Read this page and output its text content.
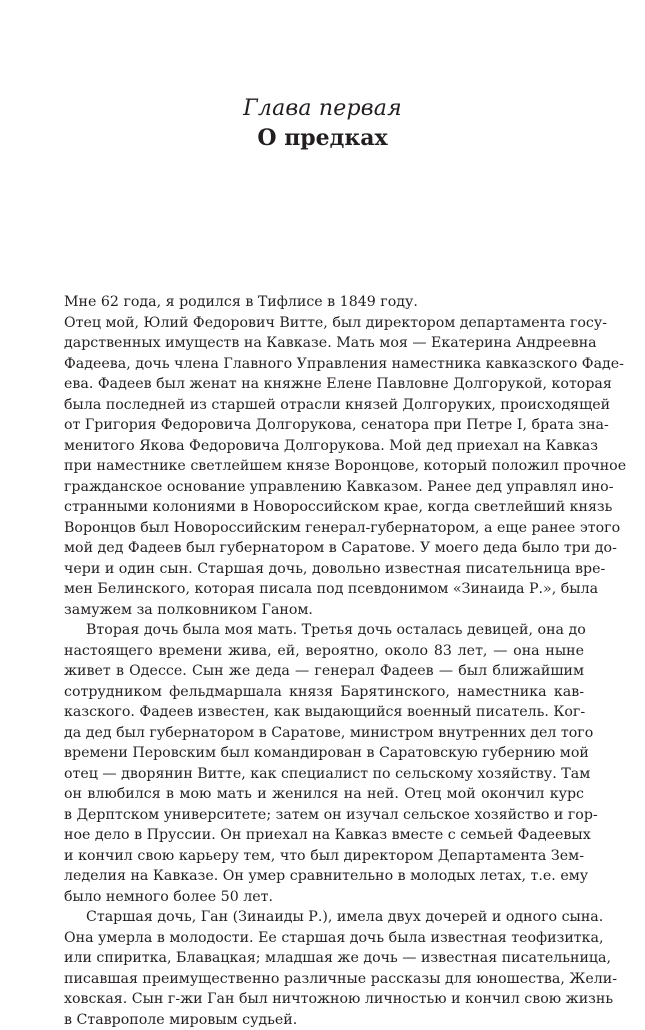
Глава первая
О предках
Мне 62 года, я родился в Тифлисе в 1849 году.
Отец мой, Юлий Федорович Витте, был директором департамента госу-
дарственных имуществ на Кавказе. Мать моя — Екатерина Андреевна
Фадеева, дочь члена Главного Управления наместника кавказского Фаде-
ева. Фадеев был женат на княжне Елене Павловне Долгорукой, которая
была последней из старшей отрасли князей Долгоруких, происходящей
от Григория Федоровича Долгорукова, сенатора при Петре I, брата зна-
менитого Якова Федоровича Долгорукова. Мой дед приехал на Кавказ
при наместнике светлейшем князе Воронцове, который положил прочное
гражданское основание управлению Кавказом. Ранее дед управлял ино-
странными колониями в Новороссийском крае, когда светлейший князь
Воронцов был Новороссийским генерал-губернатором, а еще ранее этого
мой дед Фадеев был губернатором в Саратове. У моего деда было три до-
чери и один сын. Старшая дочь, довольно известная писательница вре-
мен Белинского, которая писала под псевдонимом «Зинаида Р.», была
замужем за полковником Ганом.
Вторая дочь была моя мать. Третья дочь осталась девицей, она до
настоящего времени жива, ей, вероятно, около 83 лет, — она ныне
живет в Одессе. Сын же деда — генерал Фадеев — был ближайшим
сотрудником фельдмаршала князя Барятинского, наместника кав-
казского. Фадеев известен, как выдающийся военный писатель. Ког-
да дед был губернатором в Саратове, министром внутренних дел того
времени Перовским был командирован в Саратовскую губернию мой
отец — дворянин Витте, как специалист по сельскому хозяйству. Там
он влюбился в мою мать и женился на ней. Отец мой окончил курс
в Дерптском университете; затем он изучал сельское хозяйство и гор-
ное дело в Пруссии. Он приехал на Кавказ вместе с семьей Фадеевых
и кончил свою карьеру тем, что был директором Департамента Зем-
леделия на Кавказе. Он умер сравнительно в молодых летах, т.е. ему
было немного более 50 лет.
Старшая дочь, Ган (Зинаиды Р.), имела двух дочерей и одного сына.
Она умерла в молодости. Ее старшая дочь была известная теофизитка,
или спиритка, Блавацкая; младшая же дочь — известная писательница,
писавшая преимущественно различные рассказы для юношества, Жели-
ховская. Сын г-жи Ган был ничтожною личностью и кончил свою жизнь
в Ставрополе мировым судьей.
